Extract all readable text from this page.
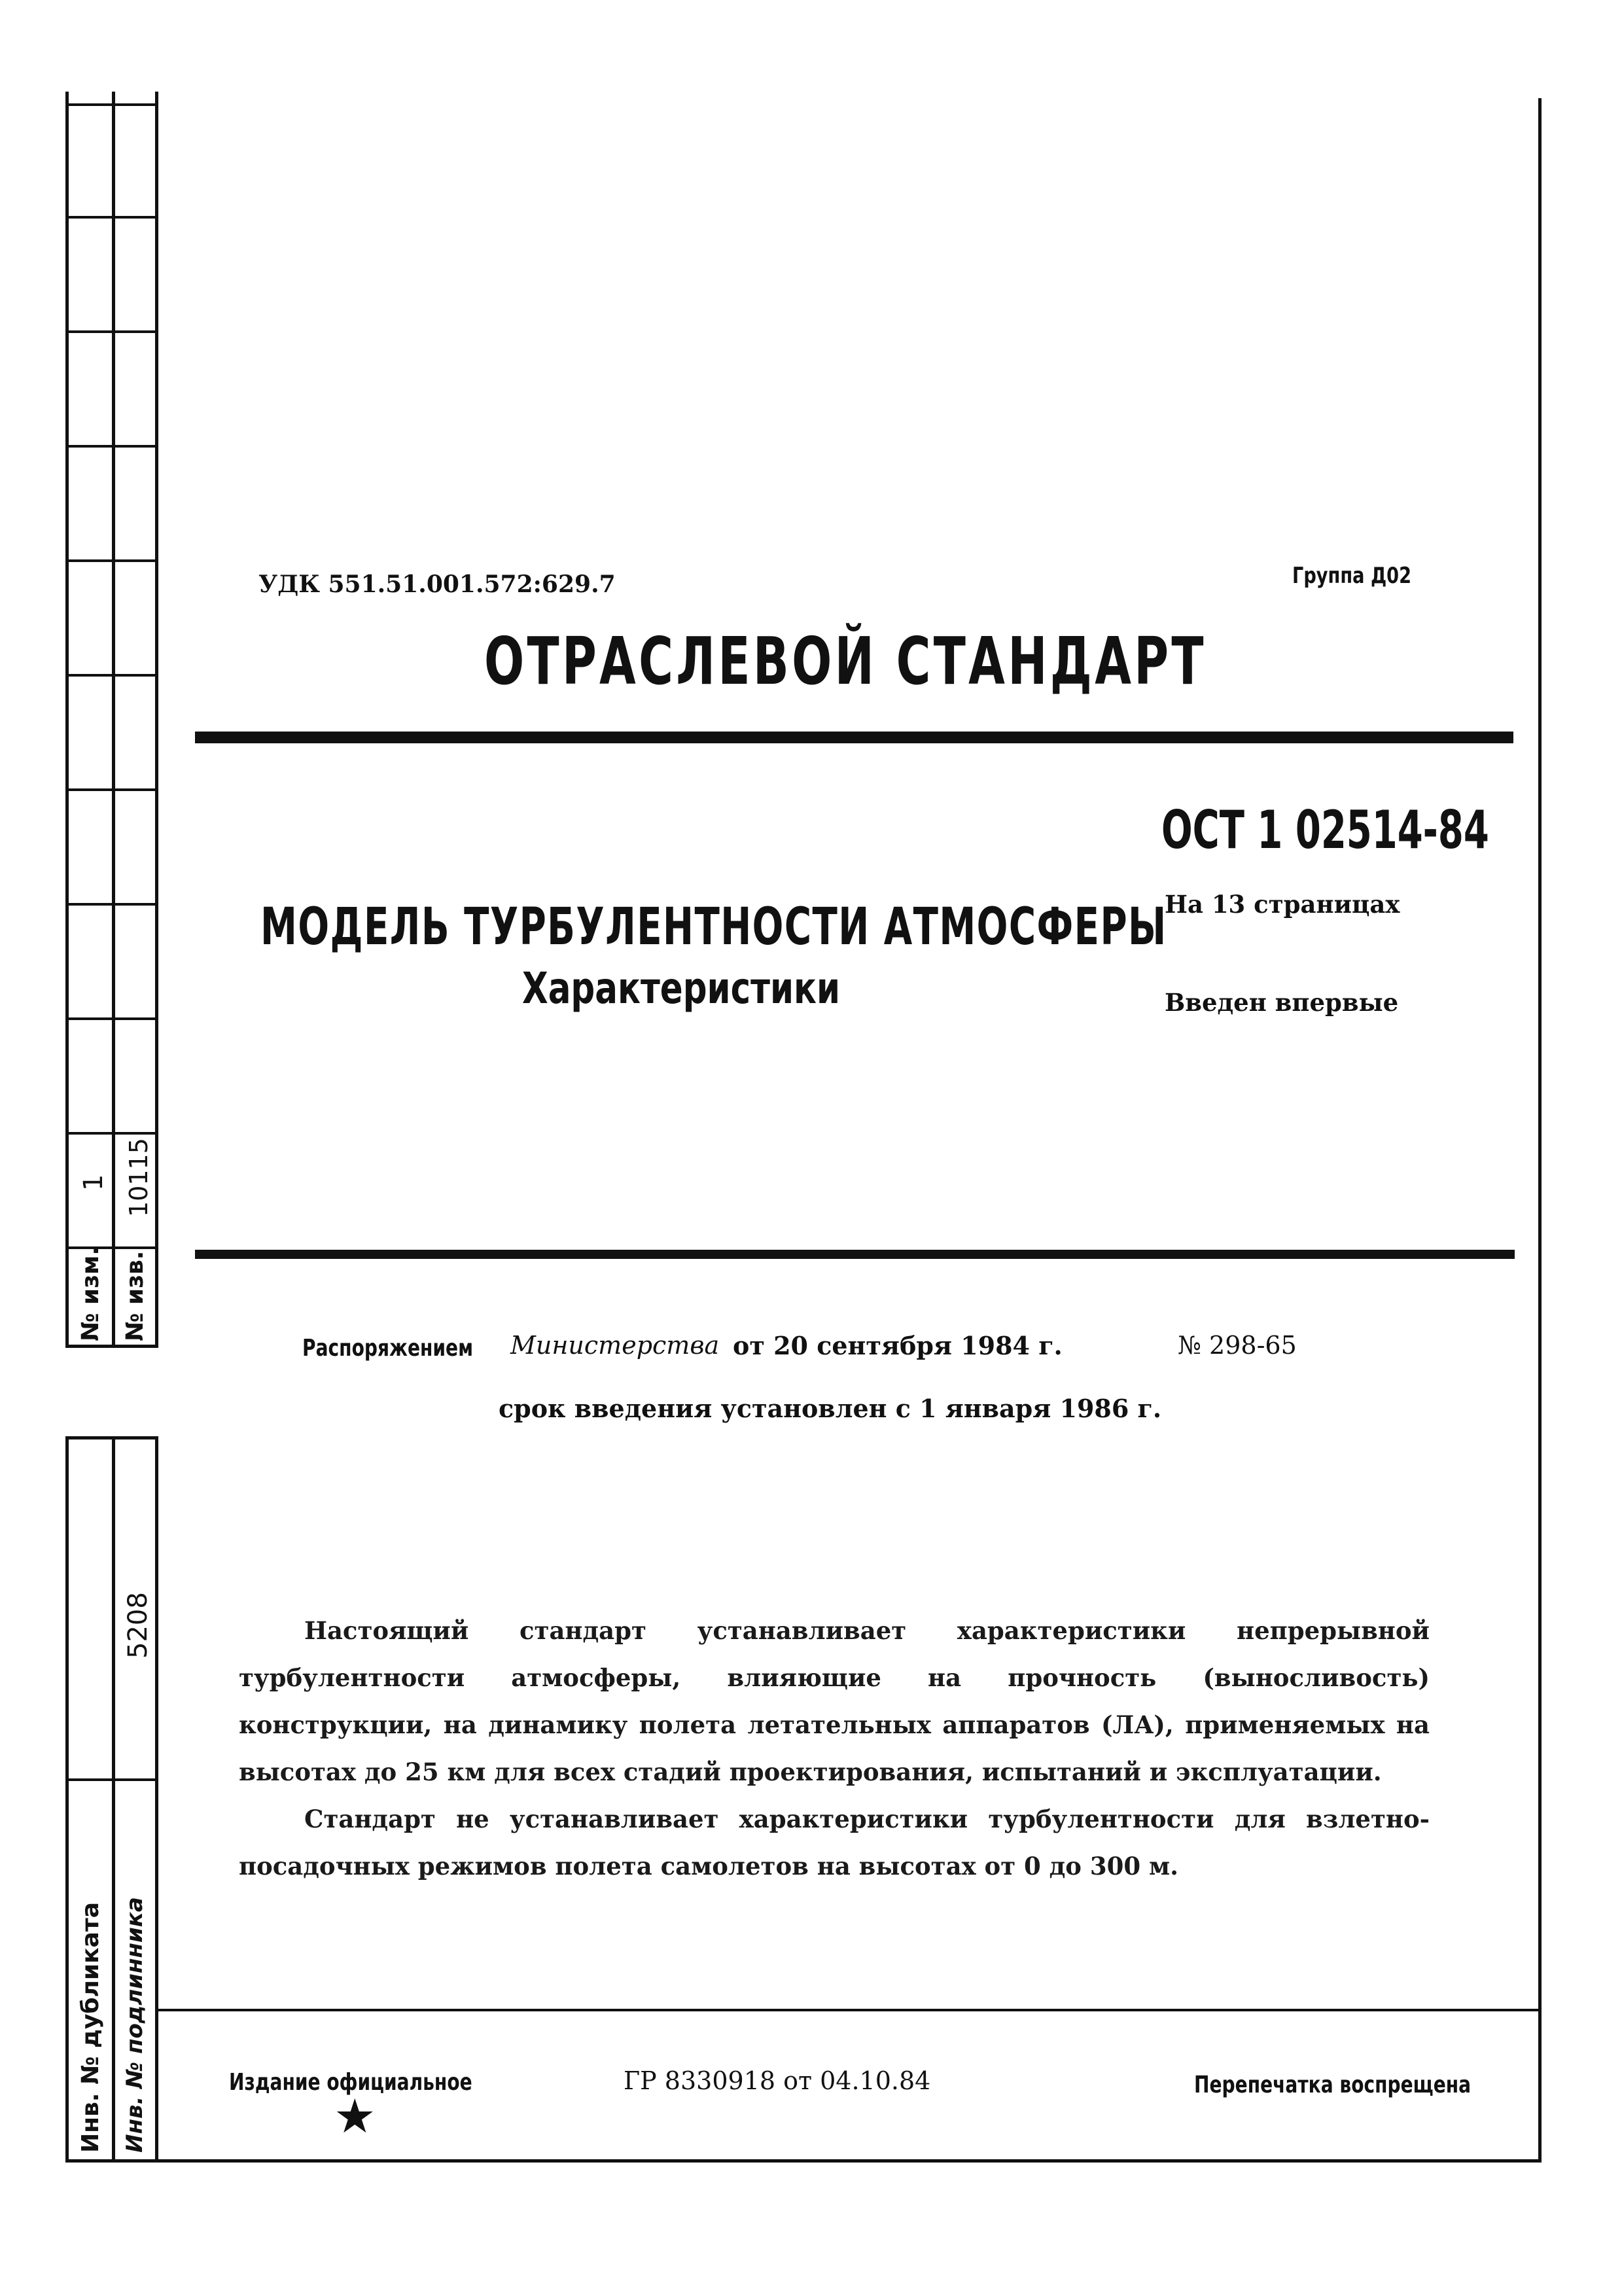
№ изм.
1
№ изв.
10115
5208
Инв. № дубликата Инв. № подлинника
УДК 551.51.001.572:629.7	Группа Д02
ОТРАСЛЕВОЙ СТАНДАРТ
ОСТ 1 02514-84
МОДЕЛЬ ТУРБУЛЕНТНОСТИ АТМОСФЕРЫ
Характеристики
На 13 страницах
Введен впервые
Распоряжением Министерства от 20 сентября 1984 г.	№ 298-65
срок введения установлен с 1 января 1986 г.
Настоящий стандарт устанавливает характеристики непрерывной турбулентности атмосферы, влияющие на прочность (выносливость) конструкции, на динамику полета летательных аппаратов (ЛА), применяемых на высотах до 25 км для всех стадий проектирования, испытаний и эксплуатации.
Стандарт не устанавливает характеристики турбулентности для взлетно-посадочных режимов полета самолетов на высотах от 0 до 300 м.
Издание официальное
★
ГР 8330918 от 04.10.84	Перепечатка воспрещена
